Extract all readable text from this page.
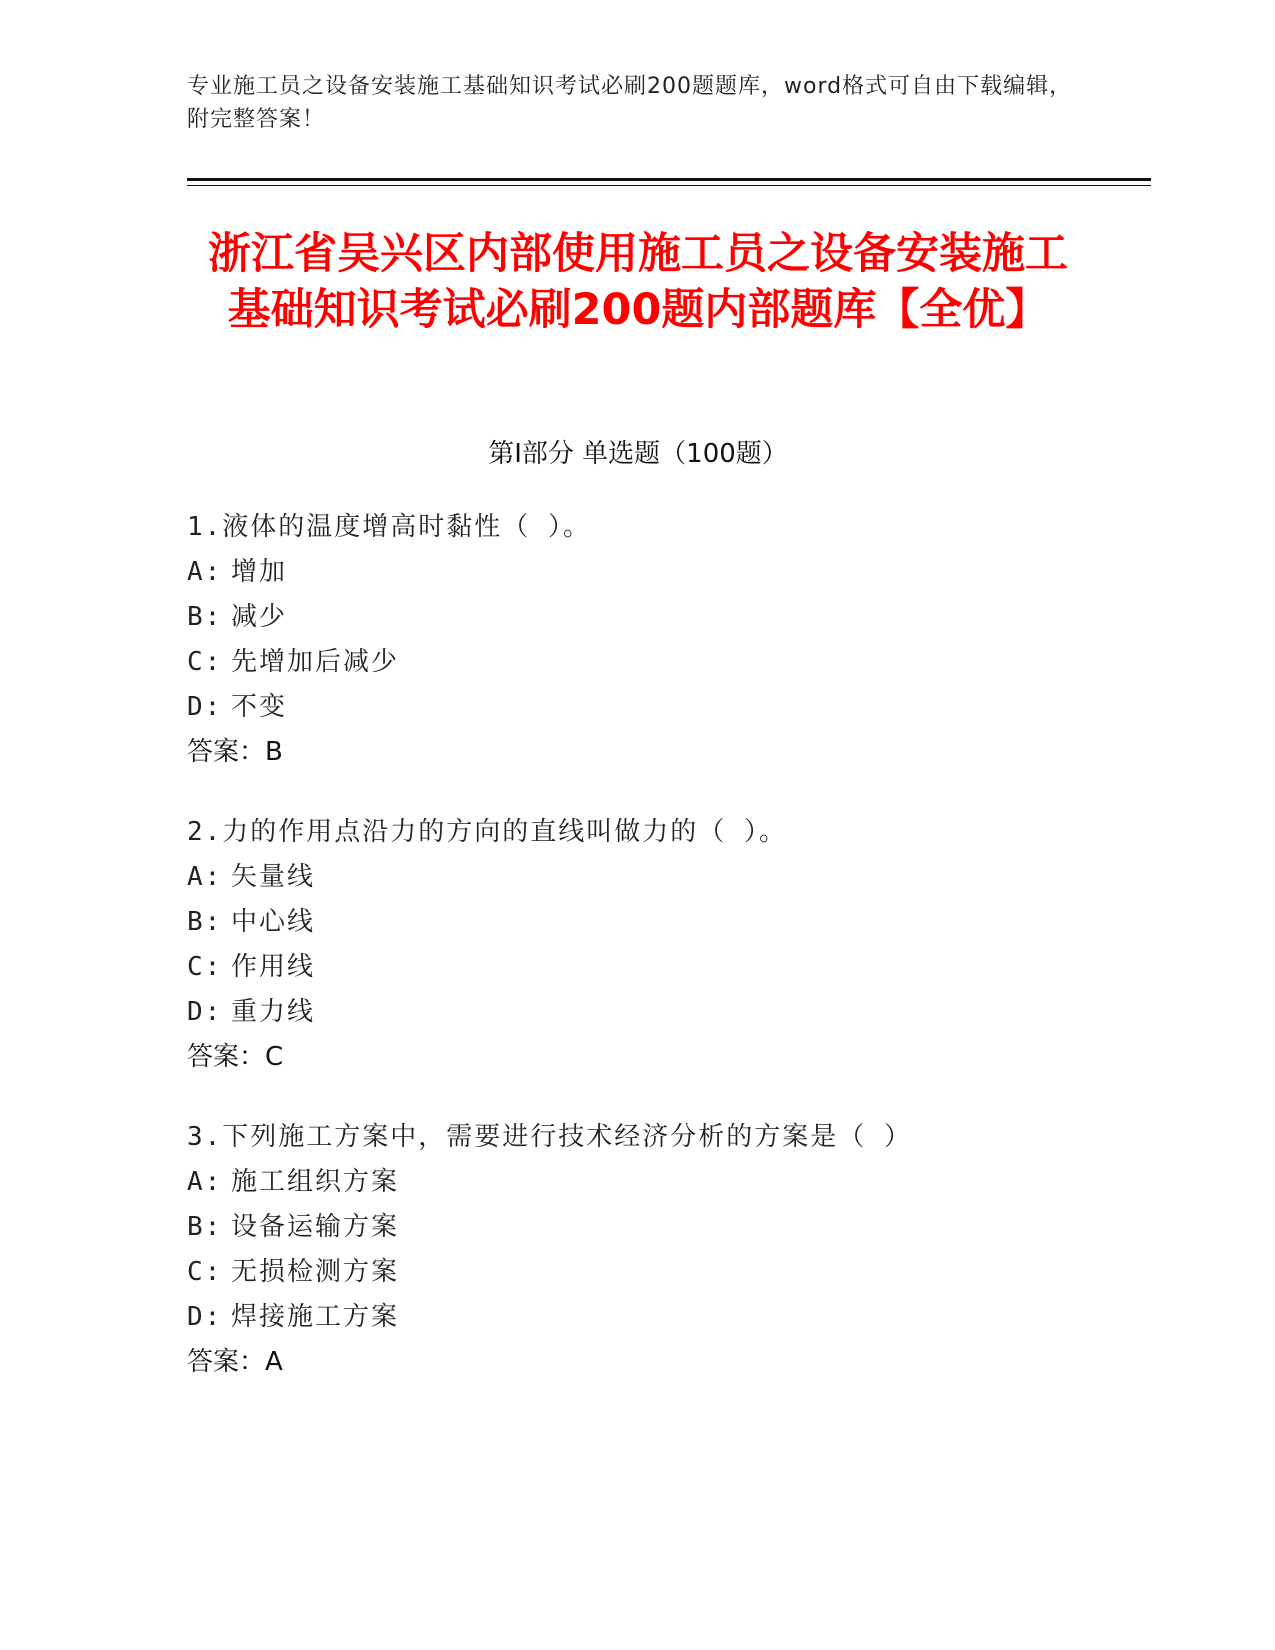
专业施工员之设备安装施工基础知识考试必刷200题题库，word格式可自由下载编辑，附完整答案！
浙江省吴兴区内部使用施工员之设备安装施工基础知识考试必刷200题内部题库【全优】
第I部分 单选题（100题）
1.液体的温度增高时黏性（ ）。
A: 增加
B: 减少
C: 先增加后减少
D: 不变
答案：B
2.力的作用点沿力的方向的直线叫做力的（ ）。
A: 矢量线
B: 中心线
C: 作用线
D: 重力线
答案：C
3.下列施工方案中，需要进行技术经济分析的方案是（ ）
A: 施工组织方案
B: 设备运输方案
C: 无损检测方案
D: 焊接施工方案
答案：A
